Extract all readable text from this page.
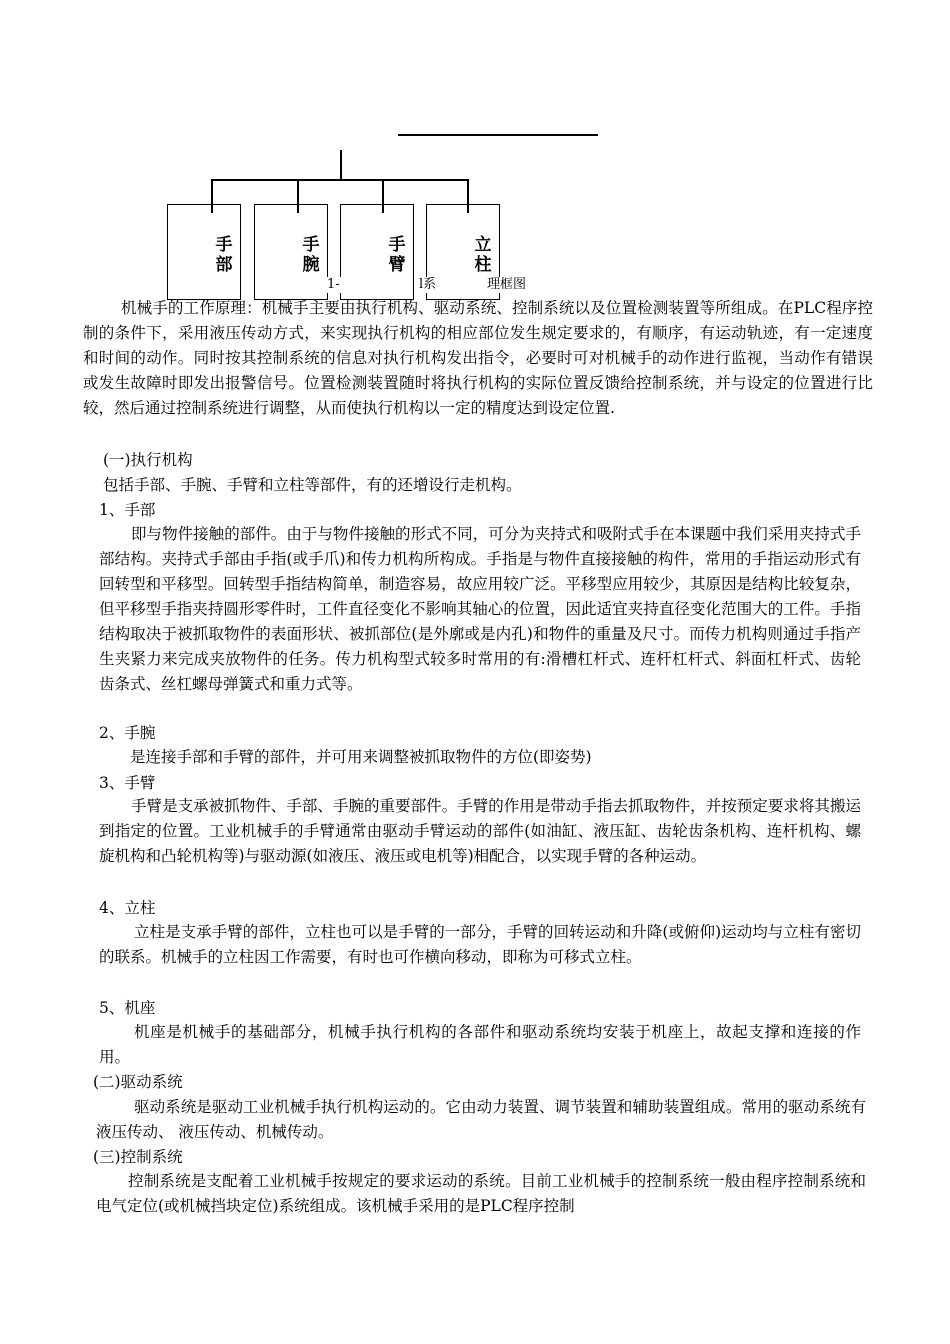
手部
手腕
手臂
立柱
1-	l系	理框图
机械手的工作原理：机械手主要由执行机构、驱动系统、控制系统以及位置检测装置等所组成。在PLC程序控制的条件下，采用液压传动方式，来实现执行机构的相应部位发生规定要求的，有顺序，有运动轨迹，有一定速度和时间的动作。同时按其控制系统的信息对执行机构发出指令，必要时可对机械手的动作进行监视，当动作有错误或发生故障时即发出报警信号。位置检测装置随时将执行机构的实际位置反馈给控制系统，并与设定的位置进行比较，然后通过控制系统进行调整，从而使执行机构以一定的精度达到设定位置.
(一)执行机构
包括手部、手腕、手臂和立柱等部件，有的还增设行走机构。
1、手部
即与物件接触的部件。由于与物件接触的形式不同，可分为夹持式和吸附式手在本课题中我们采用夹持式手部结构。夹持式手部由手指(或手爪)和传力机构所构成。手指是与物件直接接触的构件，常用的手指运动形式有回转型和平移型。回转型手指结构简单，制造容易，故应用较广泛。平移型应用较少，其原因是结构比较复杂，但平移型手指夹持圆形零件时，工件直径变化不影响其轴心的位置，因此适宜夹持直径变化范围大的工件。手指结构取决于被抓取物件的表面形状、被抓部位(是外廓或是内孔)和物件的重量及尺寸。而传力机构则通过手指产生夹紧力来完成夹放物件的任务。传力机构型式较多时常用的有:滑槽杠杆式、连杆杠杆式、斜面杠杆式、齿轮齿条式、丝杠螺母弹簧式和重力式等。
2、手腕
是连接手部和手臂的部件，并可用来调整被抓取物件的方位(即姿势)
3、手臂
手臂是支承被抓物件、手部、手腕的重要部件。手臂的作用是带动手指去抓取物件，并按预定要求将其搬运到指定的位置。工业机械手的手臂通常由驱动手臂运动的部件(如油缸、液压缸、齿轮齿条机构、连杆机构、螺旋机构和凸轮机构等)与驱动源(如液压、液压或电机等)相配合，以实现手臂的各种运动。
4、立柱
立柱是支承手臂的部件，立柱也可以是手臂的一部分，手臂的回转运动和升降(或俯仰)运动均与立柱有密切的联系。机械手的立柱因工作需要，有时也可作横向移动，即称为可移式立柱。
5、机座
机座是机械手的基础部分，机械手执行机构的各部件和驱动系统均安装于机座上，故起支撑和连接的作用。
(二)驱动系统
驱动系统是驱动工业机械手执行机构运动的。它由动力装置、调节装置和辅助装置组成。常用的驱动系统有液压传动、 液压传动、机械传动。
(三)控制系统
控制系统是支配着工业机械手按规定的要求运动的系统。目前工业机械手的控制系统一般由程序控制系统和电气定位(或机械挡块定位)系统组成。该机械手采用的是PLC程序控制
